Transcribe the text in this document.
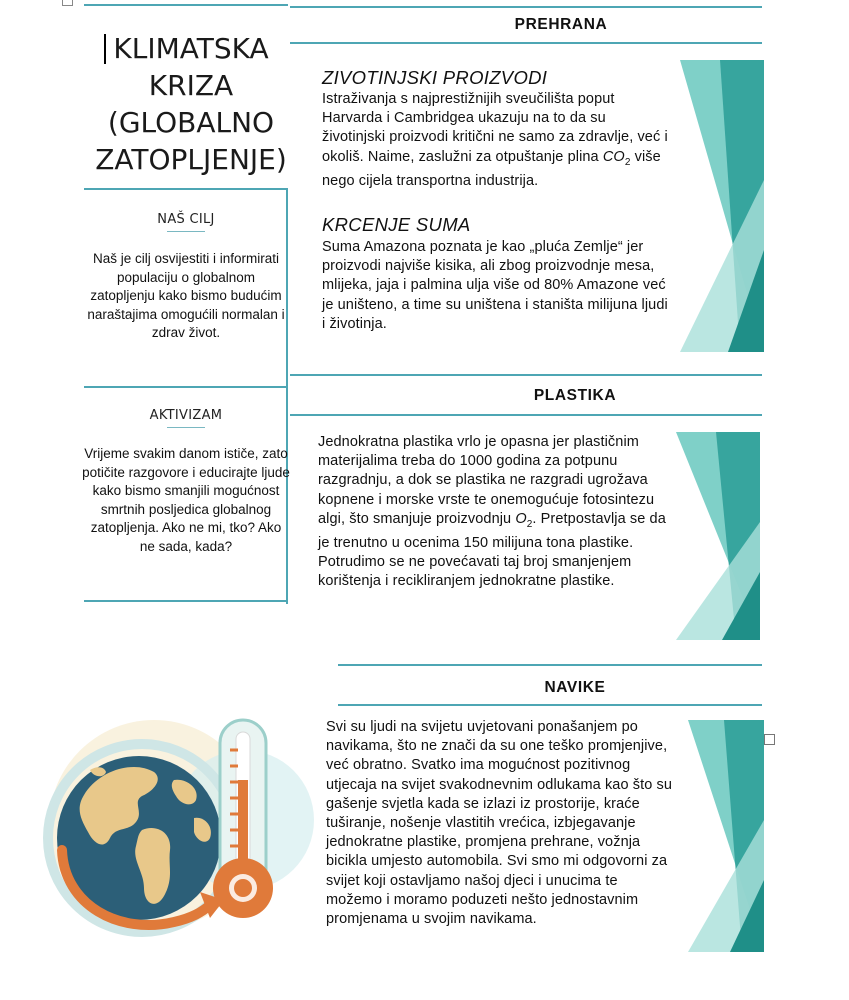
KLIMATSKA KRIZA (GLOBALNO ZATOPLJENJE)
NAŠ CILJ
Naš je cilj osvijestiti i informirati populaciju o globalnom zatopljenju kako bismo budućim naraštajima omogućili normalan i zdrav život.
AKTIVIZAM
Vrijeme svakim danom ističe, zato potičite razgovore i educirajte ljude kako bismo smanjili mogućnost smrtnih posljedica globalnog zatopljenja. Ako ne mi, tko? Ako ne sada, kada?
PREHRANA
ZIVOTINJSKI PROIZVODI
Istraživanja s najprestižnijih sveučilišta poput Harvarda i Cambridgea ukazuju na to da su životinjski proizvodi kritični ne samo za zdravlje, već i okoliš. Naime, zaslužni za otpuštanje plina $CO_2$ više nego cijela transportna industrija.
KRCENJE SUMA
Suma Amazona poznata je kao „pluća Zemlje“ jer proizvodi najviše kisika, ali zbog proizvodnje mesa, mlijeka, jaja i palmina ulja više od 80% Amazone već je uništeno, a time su uništena i staništa milijuna ljudi i životinja.
PLASTIKA
Jednokratna plastika vrlo je opasna jer plastičnim materijalima treba do 1000 godina za potpunu razgradnju, a dok se plastika ne razgradi ugrožava kopnene i morske vrste te onemogućuje fotosintezu algi, što smanjuje proizvodnju $O_2$. Pretpostavlja se da je trenutno u ocenima 150 milijuna tona plastike. Potrudimo se ne povećavati taj broj smanjenjem korištenja i recikliranjem jednokratne plastike.
NAVIKE
Svi su ljudi na svijetu uvjetovani ponašanjem po navikama, što ne znači da su one teško promjenjive, već obratno. Svatko ima mogućnost pozitivnog utjecaja na svijet svakodnevnim odlukama kao što su gašenje svjetla kada se izlazi iz prostorije, kraće tuširanje, nošenje vlastitih vrećica, izbjegavanje jednokratne plastike, promjena prehrane, vožnja bicikla umjesto automobila. Svi smo mi odgovorni za svijet koji ostavljamo našoj djeci i unucima te možemo i moramo poduzeti nešto jednostavnim promjenama u svojim navikama.
